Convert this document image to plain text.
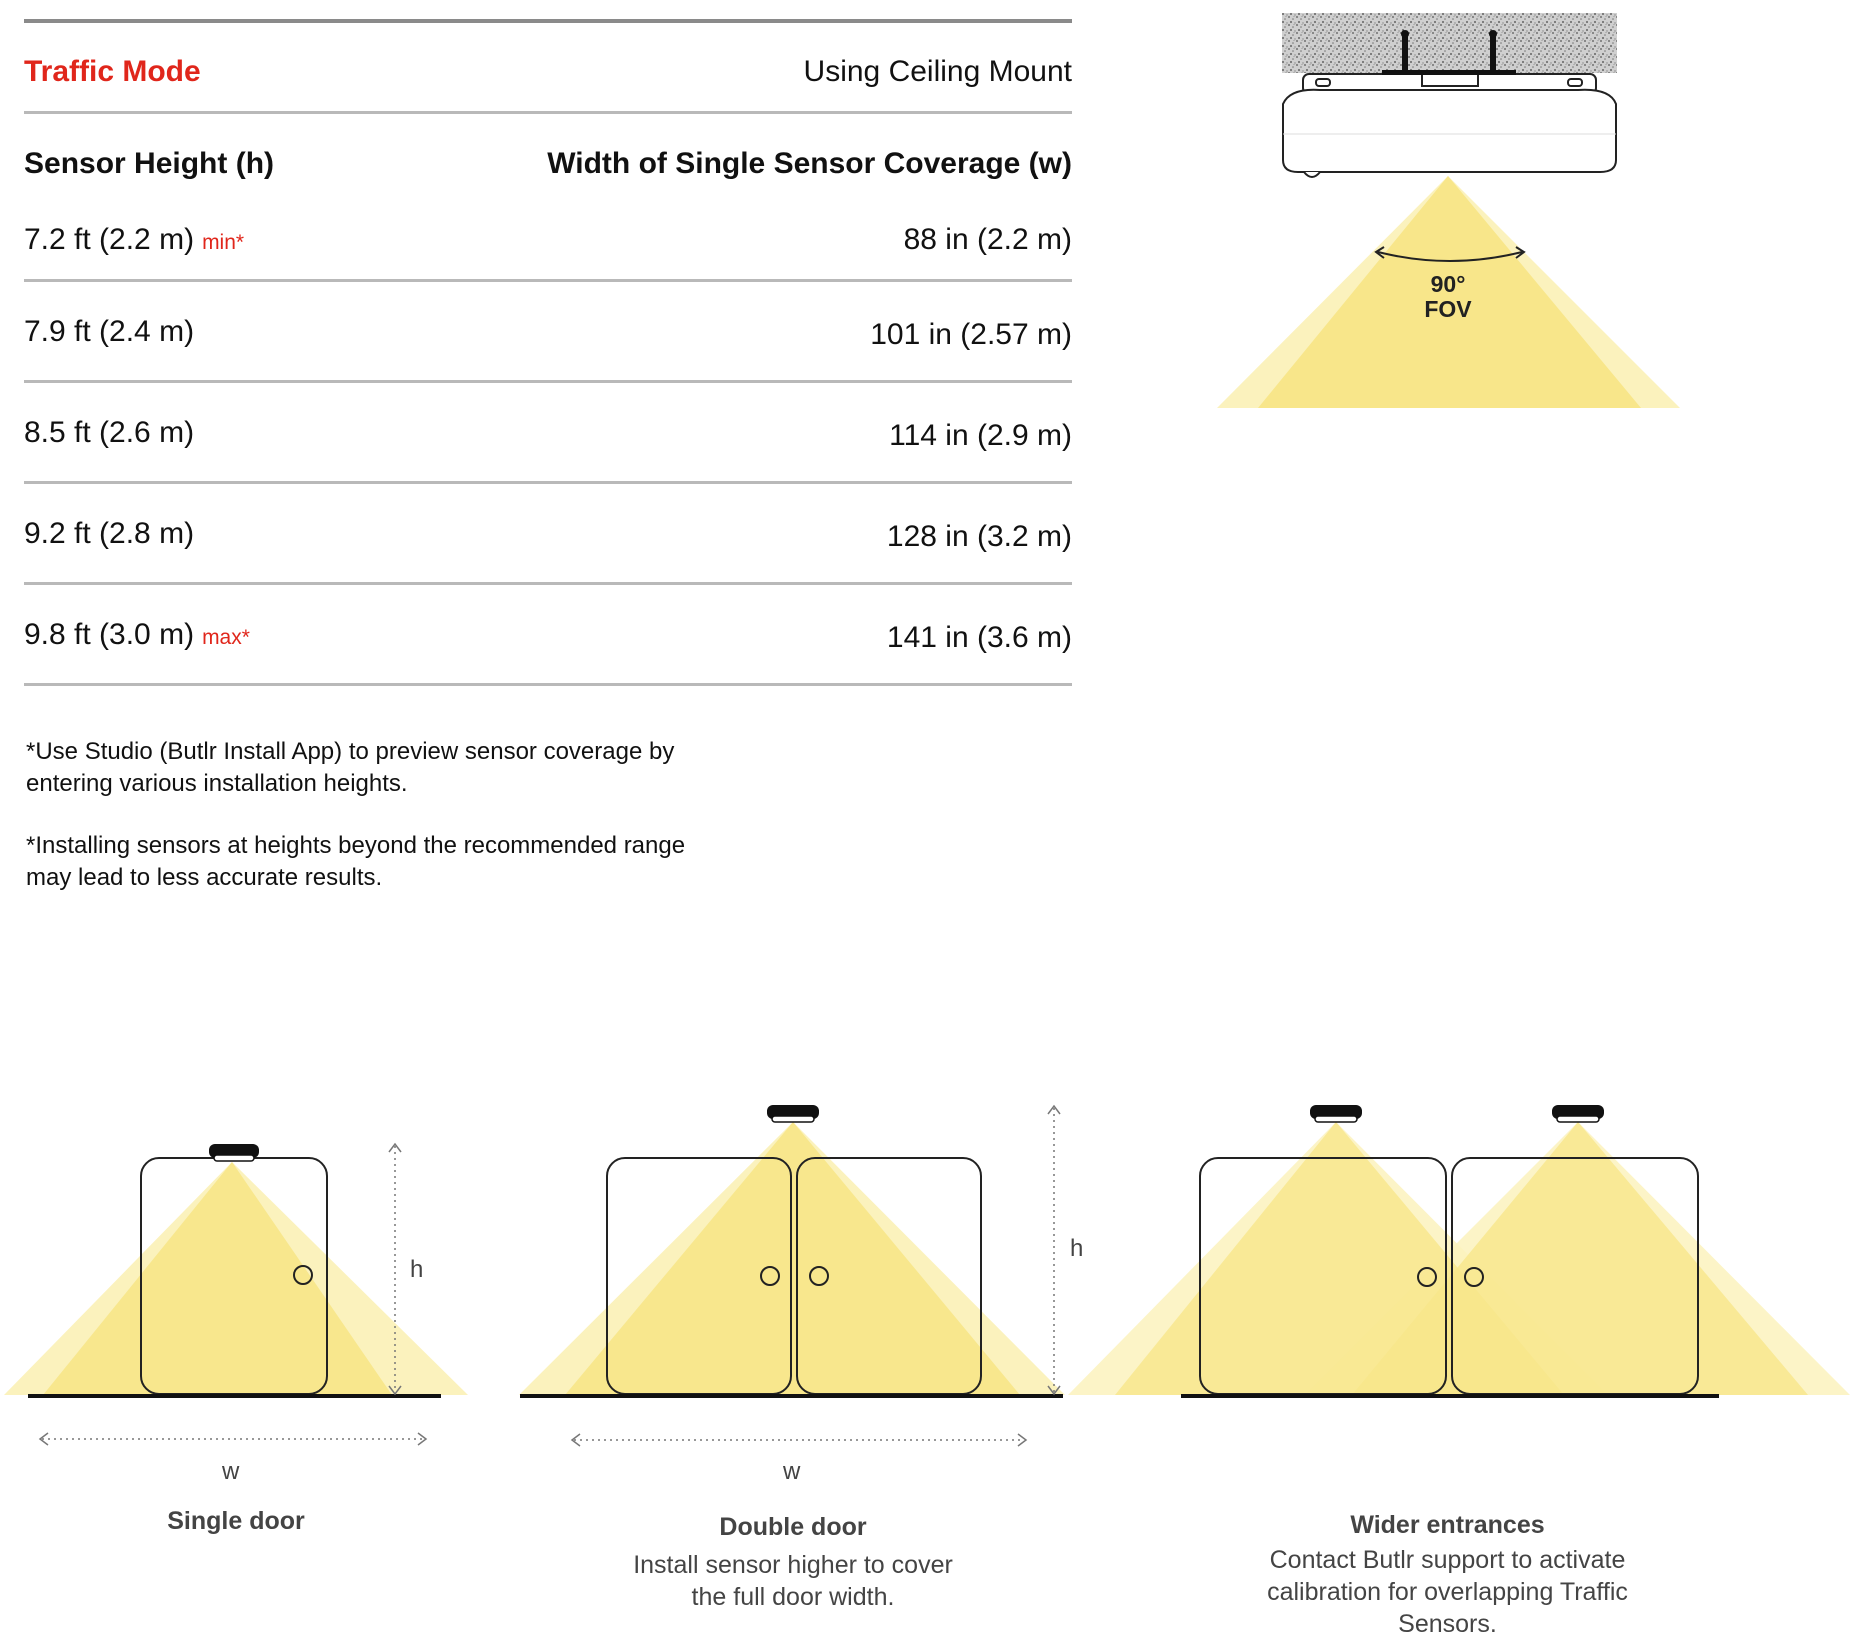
Traffic Mode	Using Ceiling Mount
Sensor Height (h)	Width of Single Sensor Coverage (w)
7.2 ft (2.2 m) min*	88 in (2.2 m)
7.9 ft (2.4 m)	101 in (2.57 m)
8.5 ft (2.6 m)	114 in (2.9 m)
9.2 ft (2.8 m)	128 in (3.2 m)
9.8 ft (3.0 m) max*	141 in (3.6 m)
*Use Studio (Butlr Install App) to preview sensor coverage by entering various installation heights.
*Installing sensors at heights beyond the recommended range may lead to less accurate results.
90°
FOV
h
w
h
w
Single door	Double door
Install sensor higher to cover the full door width.
Wider entrances
Contact Butlr support to activate calibration for overlapping Traffic Sensors.
